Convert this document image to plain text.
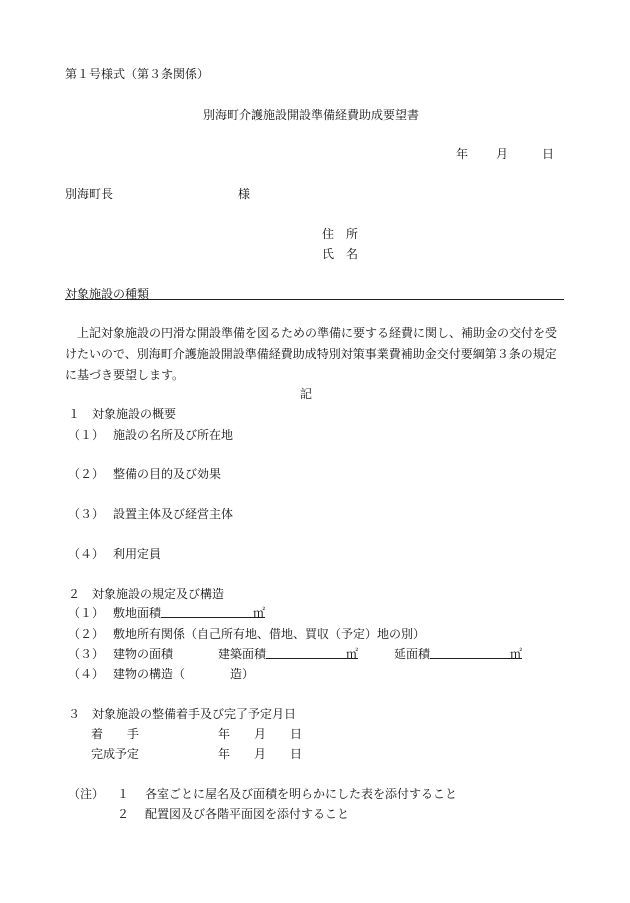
第１号様式（第３条関係）
別海町介護施設開設準備経費助成要望書
年 月	日
別海町長	様
住　所
氏　名
対象施設の種類
上記対象施設の円滑な開設準備を図るための準備に要する経費に関し、補助金の交付を受
けたいので、別海町介護施設開設準備経費助成特別対策事業費補助金交付要綱第３条の規定
に基づき要望します。
記
１　対象施設の概要
（１） 施設の名所及び所在地
（２） 整備の目的及び効果
（３） 設置主体及び経営主体
（４） 利用定員
２　対象施設の規定及び構造
（１） 敷地面積	㎡
（２） 敷地所有関係（自己所有地、借地、買収（予定）地の別）
（３） 建物の面積	建築面積	㎡	延面積	㎡
（４） 建物の構造（	造）
３　対象施設の整備着手及び完了予定月日
着　　手	年 月 日
完成予定	年 月 日
（注） １ 各室ごとに屋名及び面積を明らかにした表を添付すること
２ 配置図及び各階平面図を添付すること
